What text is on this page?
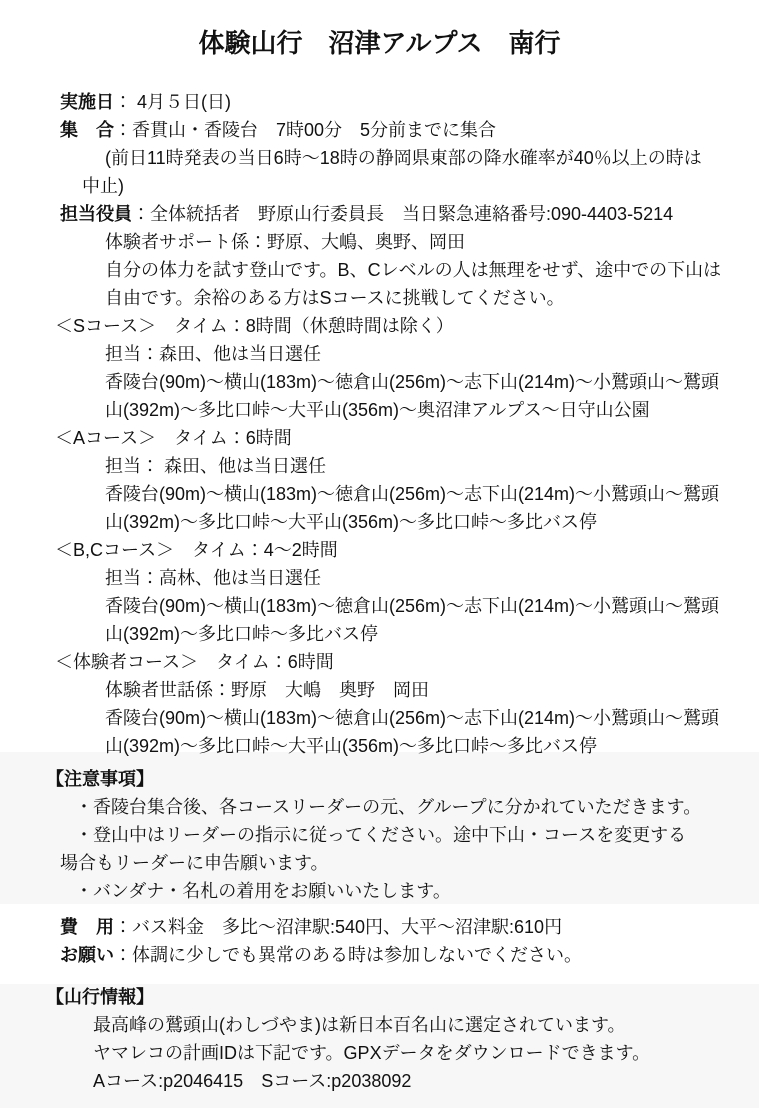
体験山行　沼津アルプス　南行
実施日： 4月５日(日)
集　合：香貫山・香陵台　7時00分　5分前までに集合
(前日11時発表の当日6時～18時の静岡県東部の降水確率が40％以上の時は
中止)
担当役員：全体統括者　野原山行委員長　当日緊急連絡番号:090-4403-5214
体験者サポート係：野原、大嶋、奥野、岡田
自分の体力を試す登山です。B、Cレベルの人は無理をせず、途中での下山は
自由です。余裕のある方はSコースに挑戦してください。
＜Sコース＞　タイム：8時間（休憩時間は除く）
担当：森田、他は当日選任
香陵台(90m)～横山(183m)～徳倉山(256m)～志下山(214m)～小鷲頭山～鷲頭
山(392m)～多比口峠～大平山(356m)～奥沼津アルプス～日守山公園
＜Aコース＞　タイム：6時間
担当： 森田、他は当日選任
香陵台(90m)～横山(183m)～徳倉山(256m)～志下山(214m)～小鷲頭山～鷲頭
山(392m)～多比口峠～大平山(356m)～多比口峠～多比バス停
＜B,Cコース＞　タイム：4～2時間
担当：高林、他は当日選任
香陵台(90m)～横山(183m)～徳倉山(256m)～志下山(214m)～小鷲頭山～鷲頭
山(392m)～多比口峠～多比バス停
＜体験者コース＞　タイム：6時間
体験者世話係：野原　大嶋　奥野　岡田
香陵台(90m)～横山(183m)～徳倉山(256m)～志下山(214m)～小鷲頭山～鷲頭
山(392m)～多比口峠～大平山(356m)～多比口峠～多比バス停
【注意事項】
・香陵台集合後、各コースリーダーの元、グループに分かれていただきます。
・登山中はリーダーの指示に従ってください。途中下山・コースを変更する
場合もリーダーに申告願います。
・バンダナ・名札の着用をお願いいたします。
費　用：バス料金　多比～沼津駅:540円、大平～沼津駅:610円
お願い：体調に少しでも異常のある時は参加しないでください。
【山行情報】
最高峰の鷲頭山(わしづやま)は新日本百名山に選定されています。
ヤマレコの計画IDは下記です。GPXデータをダウンロードできます。
Aコース:p2046415　Sコース:p2038092
